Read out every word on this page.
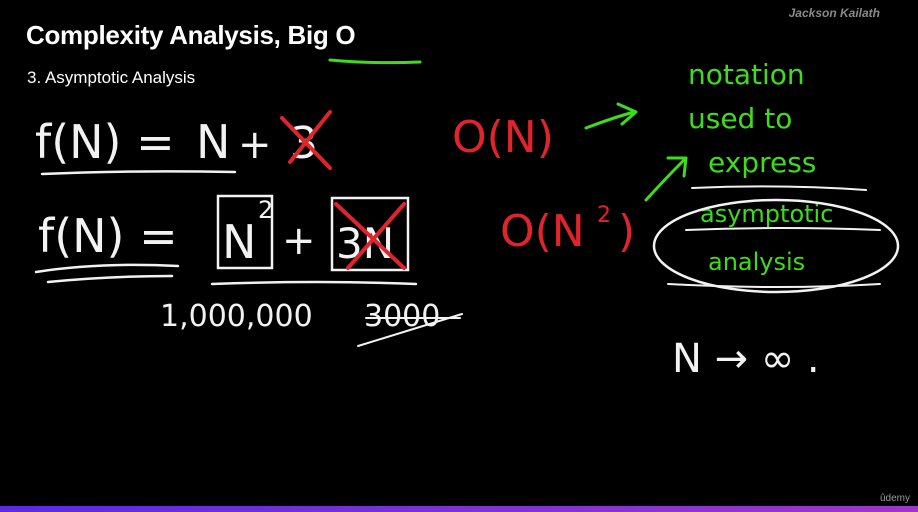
Complexity Analysis, Big O
3. Asymptotic Analysis
Jackson Kailath
f(N) = N + 3
f(N) = N
2
+ 3N
1,000,000 3000
O(N)
O(N 2 )
notation
used to
express
asymptotic
analysis
N → ∞ .
ûdemy
